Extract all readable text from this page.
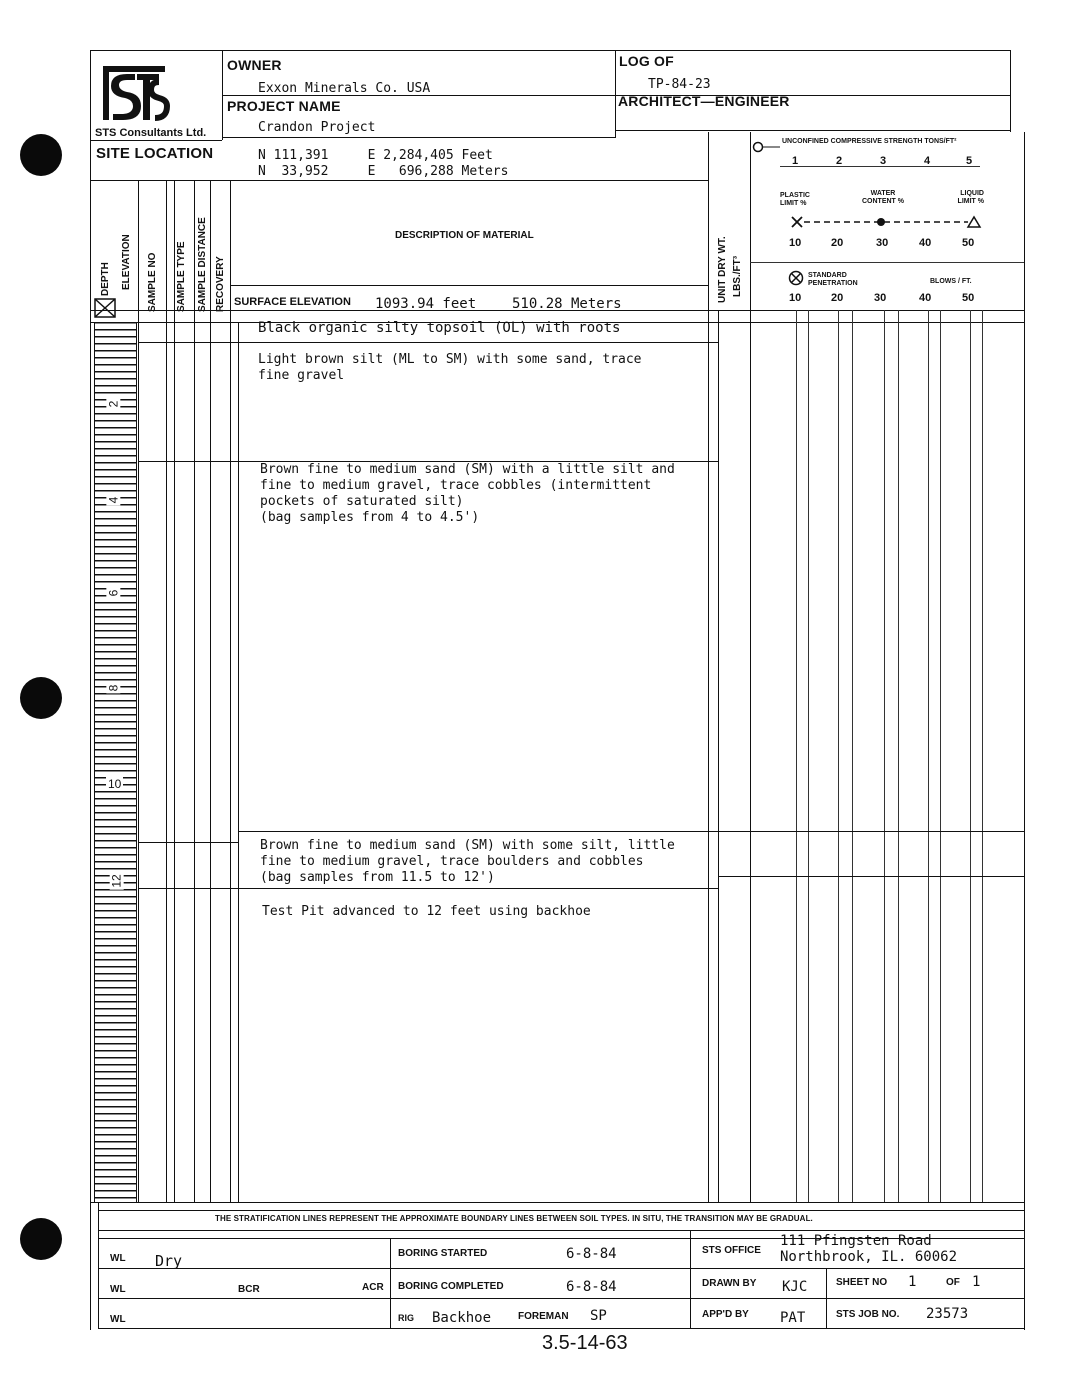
STS Consultants Ltd.
OWNER
Exxon Minerals Co. USA
LOG OF
TP-84-23
PROJECT NAME
Crandon Project
ARCHITECT—ENGINEER
SITE LOCATION	N 111,391     E 2,284,405 Feet
N  33,952     E   696,288 Meters
DEPTH ELEVATION SAMPLE NO SAMPLE TYPE SAMPLE DISTANCE RECOVERY
DESCRIPTION OF MATERIAL
SURFACE ELEVATION 1093.94 feet	510.28 Meters
UNIT DRY WT. LBS./FT³
UNCONFINED COMPRESSIVE STRENGTH TONS/FT²
1	2	3	4	5
PLASTIC LIMIT %
WATER CONTENT %
LIQUID LIMIT %
10	20	30	40	50
STANDARD PENETRATION	BLOWS / FT.
10	20	30	40	50
2
4
6
8
10
12
Black organic silty topsoil (OL) with roots
Light brown silt (ML to SM) with some sand, trace
fine gravel
Brown fine to medium sand (SM) with a little silt and
fine to medium gravel, trace cobbles (intermittent
pockets of saturated silt)
(bag samples from 4 to 4.5')
Brown fine to medium sand (SM) with some silt, little
fine to medium gravel, trace boulders and cobbles
(bag samples from 11.5 to 12')
Test Pit advanced to 12 feet using backhoe
THE STRATIFICATION LINES REPRESENT THE APPROXIMATE BOUNDARY LINES BETWEEN SOIL TYPES. IN SITU, THE TRANSITION MAY BE GRADUAL.
WL Dry
WL	BCR	ACR
WL
BORING STARTED	6-8-84
BORING COMPLETED	6-8-84
RIG Backhoe	FOREMAN SP
STS OFFICE
111 Pfingsten Road
Northbrook, IL. 60062
DRAWN BY KJC	SHEET NO 1	OF 1
APP'D BY PAT	STS JOB NO. 23573
3.5-14-63
